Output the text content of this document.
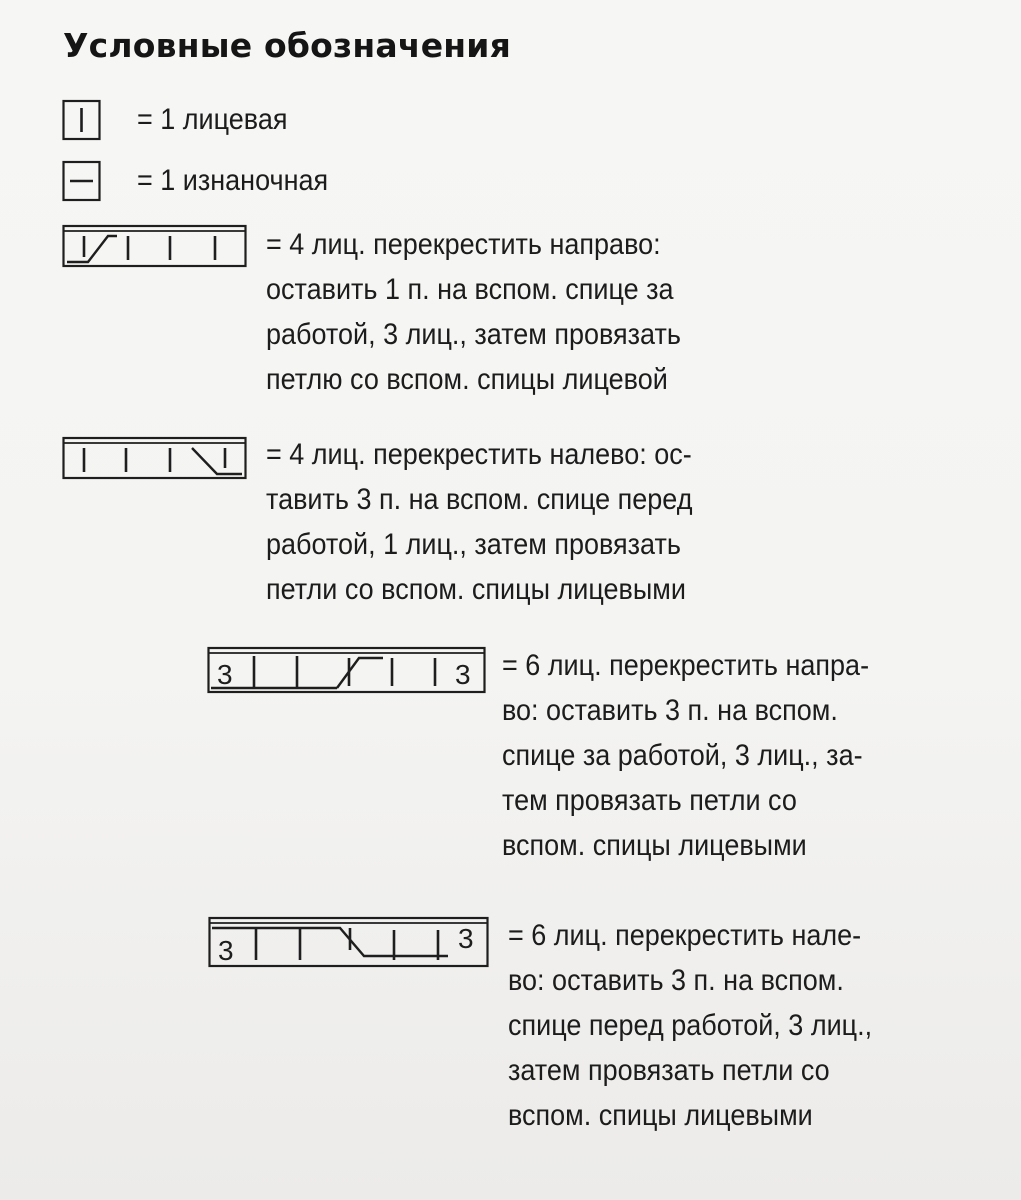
Условные обозначения
= 1 лицевая
= 1 изнаночная
= 4 лиц. перекрестить направо:
оставить 1 п. на вспом. спице за
работой, 3 лиц., затем провязать
петлю со вспом. спицы лицевой
= 4 лиц. перекрестить налево: ос-
тавить 3 п. на вспом. спице перед
работой, 1 лиц., затем провязать
петли со вспом. спицы лицевыми
3	3 = 6 лиц. перекрестить напра-
во: оставить 3 п. на вспом.
спице за работой, 3 лиц., за-
тем провязать петли со
вспом. спицы лицевыми
3	3 = 6 лиц. перекрестить нале-
во: оставить 3 п. на вспом.
спице перед работой, 3 лиц.,
затем провязать петли со
вспом. спицы лицевыми
